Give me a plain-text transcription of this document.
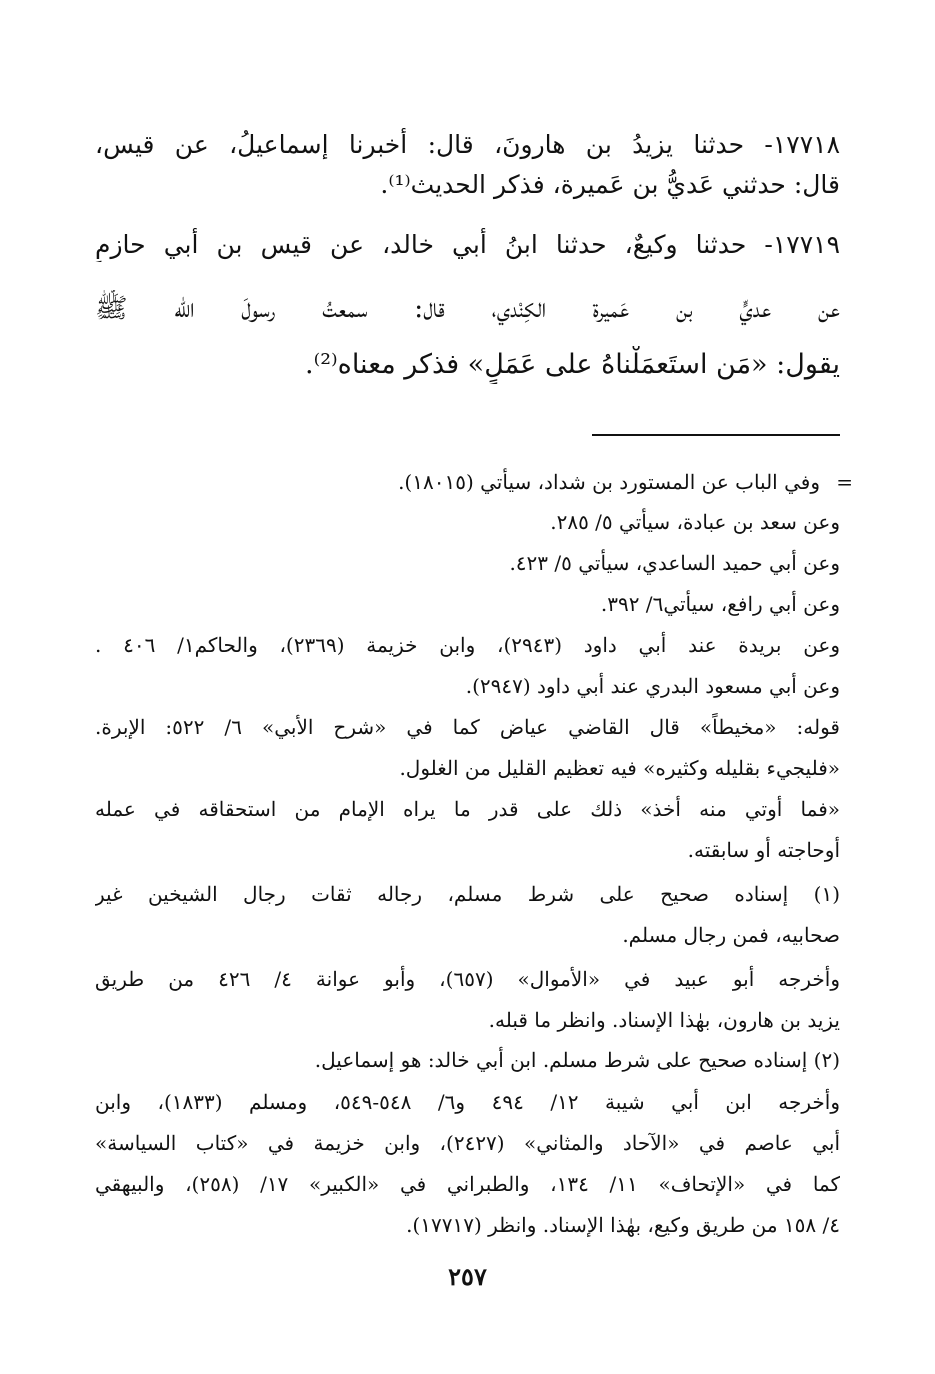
١٧٧١٨- حدثنا يزيدُ بن هارونَ، قال: أخبرنا إسماعيلُ، عن قيس،
قال: حدثني عَديُّ بن عَميرة، فذكر الحديث⁽¹⁾.
١٧٧١٩- حدثنا وكيعٌ، حدثنا ابنُ أبي خالد، عن قيس بن أبي حازمٍ
عن عديٍّ بن عَميرة الكِنْدي، قال: سمعتُ رسولَ الله ﷺ
يقول: «مَن استَعمَلْناهُ على عَمَلٍ» فذكر معناه⁽²⁾.
=
وفي الباب عن المستورد بن شداد، سيأتي (١٨٠١٥).
وعن سعد بن عبادة، سيأتي ٥/ ٢٨٥.
وعن أبي حميد الساعدي، سيأتي ٥/ ٤٢٣.
وعن أبي رافع، سيأتي٦/ ٣٩٢.
وعن بريدة عند أبي داود (٢٩٤٣)، وابن خزيمة (٢٣٦٩)، والحاكم١/ ٤٠٦ .
وعن أبي مسعود البدري عند أبي داود (٢٩٤٧).
قوله: «مخيطاً» قال القاضي عياض كما في «شرح الأبي» ٦/ ٥٢٢: الإبرة.
«فليجيء بقليله وكثيره» فيه تعظيم القليل من الغلول.
«فما أوتي منه أخذ» ذلك على قدر ما يراه الإمام من استحقاقه في عمله
أوحاجته أو سابقته.
(١) إسناده صحيح على شرط مسلم، رجاله ثقات رجال الشيخين غير
صحابيه، فمن رجال مسلم.
وأخرجه أبو عبيد في «الأموال» (٦٥٧)، وأبو عوانة ٤/ ٤٢٦ من طريق
يزيد بن هارون، بهٰذا الإسناد. وانظر ما قبله.
(٢) إسناده صحيح على شرط مسلم. ابن أبي خالد: هو إسماعيل.
وأخرجه ابن أبي شيبة ١٢/ ٤٩٤ و٦/ ٥٤٨-٥٤٩، ومسلم (١٨٣٣)، وابن
أبي عاصم في «الآحاد والمثاني» (٢٤٢٧)، وابن خزيمة في «كتاب السياسة»
كما في «الإتحاف» ١١/ ١٣٤، والطبراني في «الكبير» ١٧/ (٢٥٨)، والبيهقي
٤/ ١٥٨ من طريق وكيع، بهٰذا الإسناد. وانظر (١٧٧١٧).
٢٥٧
